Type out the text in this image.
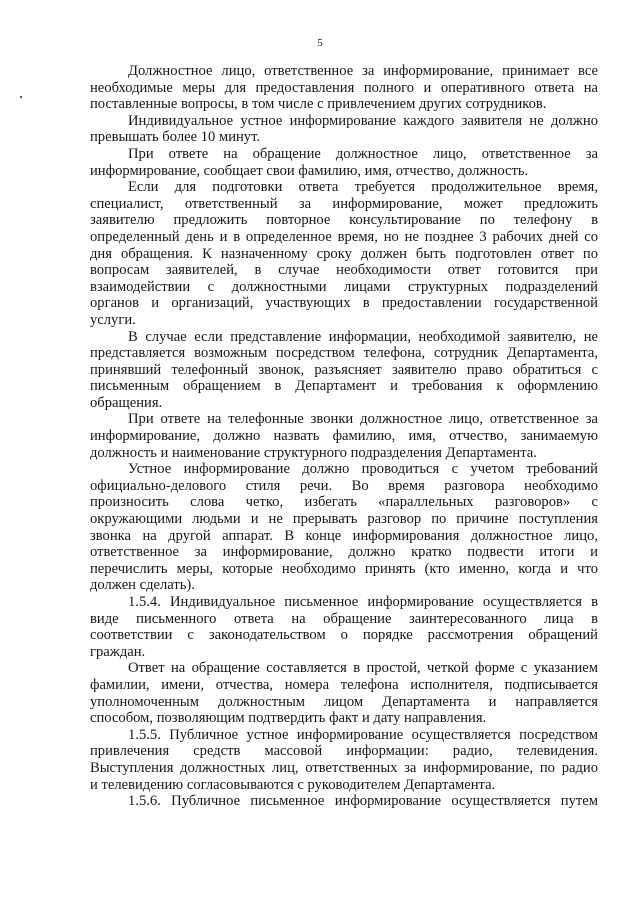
5
Должностное лицо, ответственное за информирование, принимает все
необходимые меры для предоставления полного и оперативного ответа на
поставленные вопросы, в том числе с привлечением других сотрудников.
Индивидуальное устное информирование каждого заявителя не должно
превышать более 10 минут.
При ответе на обращение должностное лицо, ответственное за
информирование, сообщает свои фамилию, имя, отчество, должность.
Если для подготовки ответа требуется продолжительное время,
специалист, ответственный за информирование, может предложить
заявителю предложить повторное консультирование по телефону в
определенный день и в определенное время, но не позднее 3 рабочих дней со
дня обращения. К назначенному сроку должен быть подготовлен ответ по
вопросам заявителей, в случае необходимости ответ готовится при
взаимодействии с должностными лицами структурных подразделений
органов и организаций, участвующих в предоставлении государственной
услуги.
В случае если представление информации, необходимой заявителю, не
представляется возможным посредством телефона, сотрудник Департамента,
принявший телефонный звонок, разъясняет заявителю право обратиться с
письменным обращением в Департамент и требования к оформлению
обращения.
При ответе на телефонные звонки должностное лицо, ответственное за
информирование, должно назвать фамилию, имя, отчество, занимаемую
должность и наименование структурного подразделения Департамента.
Устное информирование должно проводиться с учетом требований
официально-делового стиля речи. Во время разговора необходимо
произносить слова четко, избегать «параллельных разговоров» с
окружающими людьми и не прерывать разговор по причине поступления
звонка на другой аппарат. В конце информирования должностное лицо,
ответственное за информирование, должно кратко подвести итоги и
перечислить меры, которые необходимо принять (кто именно, когда и что
должен сделать).
1.5.4. Индивидуальное письменное информирование осуществляется в
виде письменного ответа на обращение заинтересованного лица в
соответствии с законодательством о порядке рассмотрения обращений
граждан.
Ответ на обращение составляется в простой, четкой форме с указанием
фамилии, имени, отчества, номера телефона исполнителя, подписывается
уполномоченным должностным лицом Департамента и направляется
способом, позволяющим подтвердить факт и дату направления.
1.5.5. Публичное устное информирование осуществляется посредством
привлечения средств массовой информации: радио, телевидения.
Выступления должностных лиц, ответственных за информирование, по радио
и телевидению согласовываются с руководителем Департамента.
1.5.6. Публичное письменное информирование осуществляется путем
